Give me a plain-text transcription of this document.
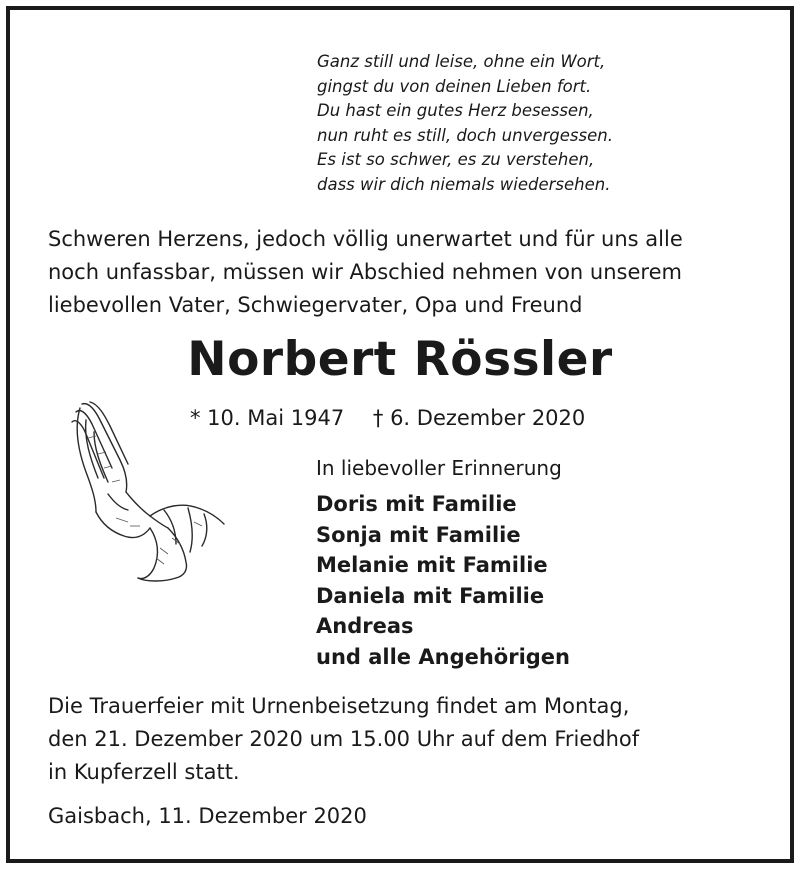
Ganz still und leise, ohne ein Wort,
gingst du von deinen Lieben fort.
Du hast ein gutes Herz besessen,
nun ruht es still, doch unvergessen.
Es ist so schwer, es zu verstehen,
dass wir dich niemals wiedersehen.
Schweren Herzens, jedoch völlig unerwartet und für uns alle
noch unfassbar, müssen wir Abschied nehmen von unserem
liebevollen Vater, Schwiegervater, Opa und Freund
Norbert Rössler
* 10. Mai 1947 † 6. Dezember 2020
In liebevoller Erinnerung
Doris mit Familie
Sonja mit Familie
Melanie mit Familie
Daniela mit Familie
Andreas
und alle Angehörigen
Die Trauerfeier mit Urnenbeisetzung findet am Montag,
den 21. Dezember 2020 um 15.00 Uhr auf dem Friedhof
in Kupferzell statt.
Gaisbach, 11. Dezember 2020
